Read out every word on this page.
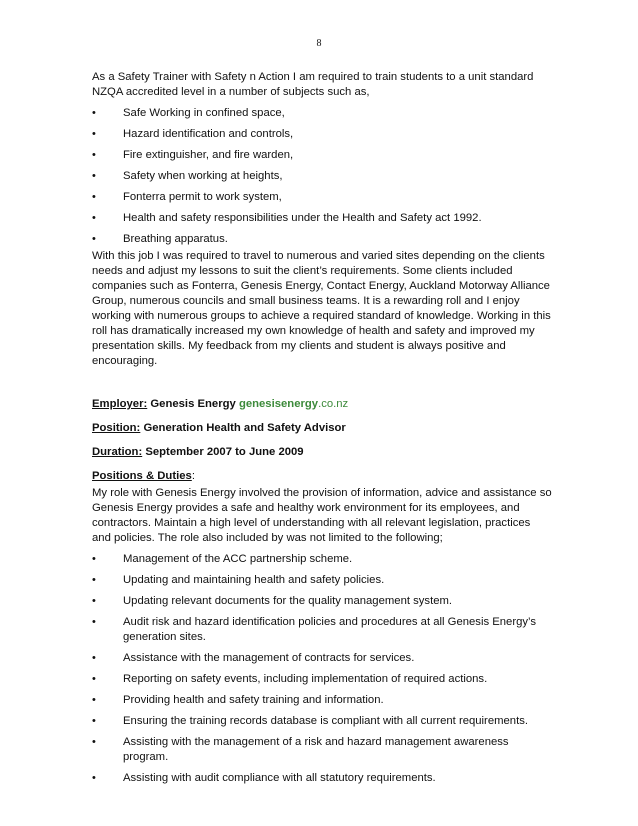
8

As a Safety Trainer with Safety n Action I am required to train students to a unit standard NZQA accredited level in a number of subjects such as,

• Safe Working in confined space,
• Hazard identification and controls,
• Fire extinguisher, and fire warden,
• Safety when working at heights,
• Fonterra permit to work system,
• Health and safety responsibilities under the Health and Safety act 1992.
• Breathing apparatus.

With this job I was required to travel to numerous and varied sites depending on the clients needs and adjust my lessons to suit the client’s requirements. Some clients included companies such as Fonterra, Genesis Energy, Contact Energy, Auckland Motorway Alliance Group, numerous councils and small business teams. It is a rewarding roll and I enjoy working with numerous groups to achieve a required standard of knowledge. Working in this roll has dramatically increased my own knowledge of health and safety and improved my presentation skills. My feedback from my clients and student is always positive and encouraging.

Employer: Genesis Energy genesisenergy.co.nz

Position: Generation Health and Safety Advisor

Duration: September 2007 to June 2009

Positions & Duties:

My role with Genesis Energy involved the provision of information, advice and assistance so Genesis Energy provides a safe and healthy work environment for its employees, and contractors. Maintain a high level of understanding with all relevant legislation, practices and policies. The role also included by was not limited to the following;

• Management of the ACC partnership scheme.
• Updating and maintaining health and safety policies.
• Updating relevant documents for the quality management system.
• Audit risk and hazard identification policies and procedures at all Genesis Energy’s generation sites.
• Assistance with the management of contracts for services.
• Reporting on safety events, including implementation of required actions.
• Providing health and safety training and information.
• Ensuring the training records database is compliant with all current requirements.
• Assisting with the management of a risk and hazard management awareness program.
• Assisting with audit compliance with all statutory requirements.
